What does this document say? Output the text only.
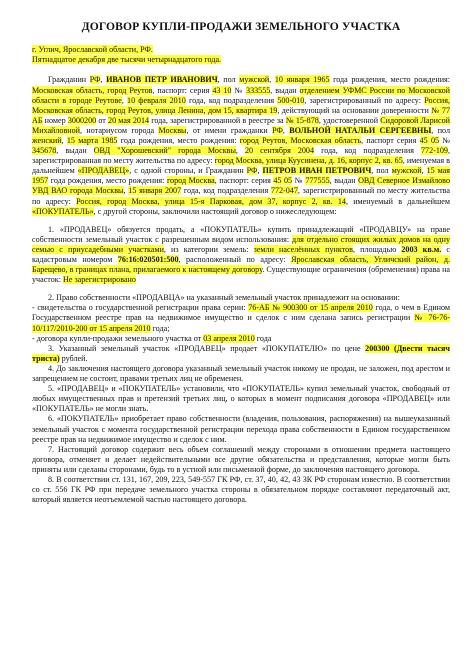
ДОГОВОР КУПЛИ-ПРОДАЖИ ЗЕМЕЛЬНОГО УЧАСТКА

г. Углич, Ярославской области, РФ.

Пятнадцатое декабря две тысячи четырнадцатого года.

Гражданин РФ, ИВАНОВ ПЕТР ИВАНОВИЧ, пол мужской, 10 января 1965 года рождения, место рождения: Московская область, город Реутов, паспорт: серия 43 10 № 333555, выдан отделением УФМС России по Московской области в городе Реутове, 10 февраля 2010 года, код подразделения 500-010, зарегистрированный по адресу: Россия, Московская область, город Реутов, улица Ленина, дом 15, квартира 19, действующий на основании доверенности № 77 АБ номер 3000200 от 20 мая 2014 года, зарегистрированной в реестре за № 15-878, удостоверенной Сидоровой Ларисой Михайловной, нотариусом города Москвы, от имени гражданки РФ, ВОЛЬНОЙ НАТАЛЬИ СЕРГЕЕВНЫ, пол женский, 15 марта 1985 года рождения, место рождения: город Реутов, Московская область, паспорт серия 45 05 № 345678, выдан ОВД "Хорошевский" города Москвы, 20 сентября 2004 года, код подразделения 772-109, зарегистрированная по месту жительства по адресу: город Москва, улица Куусинена, д. 16, корпус 2, кв. 65, именуемая в дальнейшем «ПРОДАВЕЦ», с одной стороны, и Гражданин РФ, ПЕТРОВ ИВАН ПЕТРОВИЧ, пол мужской, 15 мая 1957 года рождения, место рождения: город Москва, паспорт: серия 45 05 № 777555, выдан ОВД Северное Измайлово УВД ВАО города Москвы, 15 января 2007 года, код подразделения 772-047, зарегистрированный по месту жительства по адресу: Россия, город Москва, улица 15-я Парковая, дом 37, корпус 2, кв. 14, именуемый в дальнейшем «ПОКУПАТЕЛЬ», с другой стороны, заключили настоящий договор о нижеследующем:

1. «ПРОДАВЕЦ» обязуется продать, а «ПОКУПАТЕЛЬ» купить принадлежащий «ПРОДАВЦУ» на праве собственности земельный участок с разрешенным видом использования: для отдельно стоящих жилых домов на одну семью с приусадебными участками, из категории земель: земли населённых пунктов, площадью 2003 кв.м. с кадастровым номером 76:16:020501:500, расположенный по адресу: Ярославская область, Угличский район, д. Барещево, в границах плана, прилагаемого к настоящему договору. Существующие ограничения (обременения) права на участок: Не зарегистрировано

2. Право собственности «ПРОДАВЦА» на указанный земельный участок принадлежит на основании:
- свидетельства о государственной регистрации права серии: 76-АБ № 900300 от 15 апреля 2010 года, о чем в Едином Государственном реестре прав на недвижимое имущество и сделок с ним сделана запись регистрации № 76-76-10/117/2010-200 от 15 апреля 2010 года;
- договора купли-продажи земельного участка от 03 апреля 2010 года

3. Указанный земельный участок «ПРОДАВЕЦ» продает «ПОКУПАТЕЛЮ» по цене 200300 (Двести тысяч триста) рублей.

4. До заключения настоящего договора указанный земельный участок никому не продан, не заложен, под арестом и запрещением не состоит, правами третьих лиц не обременен.

5. «ПРОДАВЕЦ» и «ПОКУПАТЕЛЬ» установили, что «ПОКУПАТЕЛЬ» купил земельный участок, свободный от любых имущественных прав и претензий третьих лиц, о которых в момент подписания договора «ПРОДАВЕЦ» или «ПОКУПАТЕЛЬ» не могли знать.

6. «ПОКУПАТЕЛЬ» приобретает право собственности (владения, пользования, распоряжения) на вышеуказанный земельный участок с момента государственной регистрации перехода права собственности в Едином государственном реестре прав на недвижимое имущество и сделок с ним.

7. Настоящий договор содержит весь объем соглашений между сторонами в отношении предмета настоящего договора, отменяет и делает недействительными все другие обязательства и представления, которые могли быть приняты или сделаны сторонами, будь то в устной или письменной форме, до заключения настоящего договора.

8. В соответствии ст. 131, 167, 209, 223, 549-557 ГК РФ, ст. 37, 40, 42, 43 ЗК РФ сторонам известно. В соответствии со ст. 556 ГК РФ при передаче земельного участка стороны в обязательном порядке составляют передаточный акт, который является неотъемлемой частью настоящего договора.
